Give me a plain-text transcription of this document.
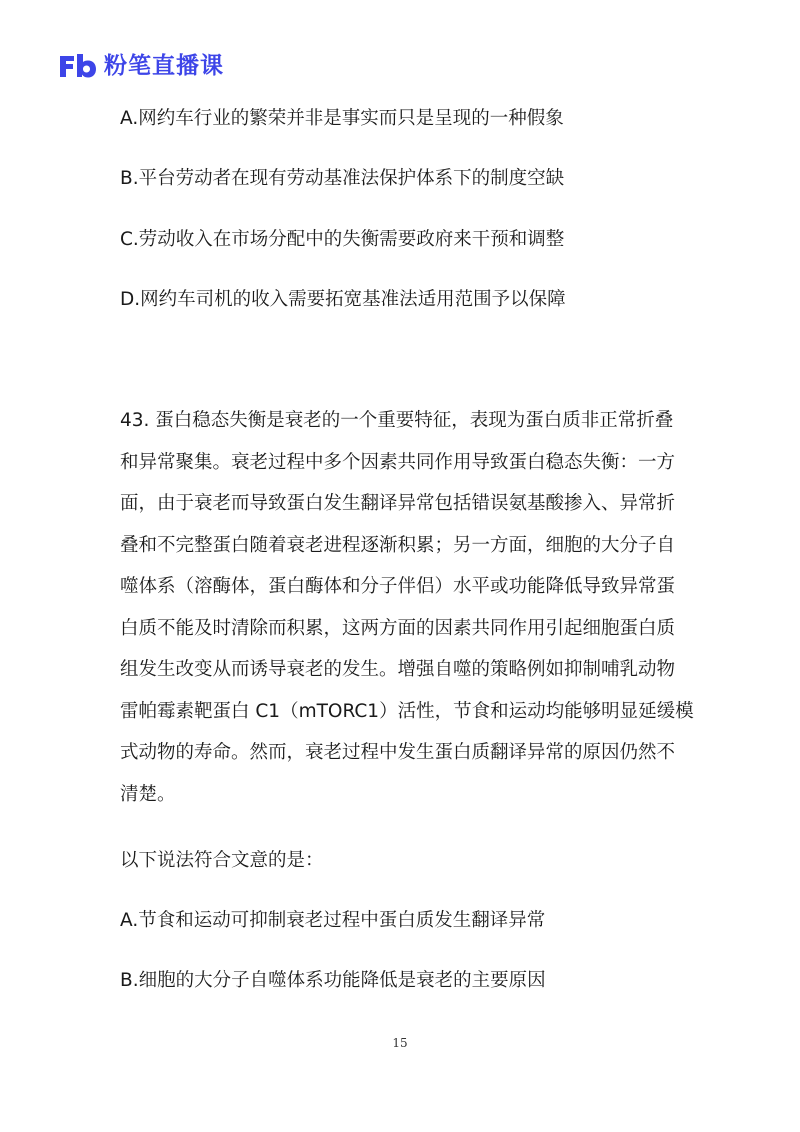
粉笔直播课

A.网约车行业的繁荣并非是事实而只是呈现的一种假象

B.平台劳动者在现有劳动基准法保护体系下的制度空缺

C.劳动收入在市场分配中的失衡需要政府来干预和调整

D.网约车司机的收入需要拓宽基准法适用范围予以保障

43. 蛋白稳态失衡是衰老的一个重要特征，表现为蛋白质非正常折叠
和异常聚集。衰老过程中多个因素共同作用导致蛋白稳态失衡：一方
面，由于衰老而导致蛋白发生翻译异常包括错误氨基酸掺入、异常折
叠和不完整蛋白随着衰老进程逐渐积累；另一方面，细胞的大分子自
噬体系（溶酶体，蛋白酶体和分子伴侣）水平或功能降低导致异常蛋
白质不能及时清除而积累，这两方面的因素共同作用引起细胞蛋白质
组发生改变从而诱导衰老的发生。增强自噬的策略例如抑制哺乳动物
雷帕霉素靶蛋白 C1（mTORC1）活性，节食和运动均能够明显延缓模
式动物的寿命。然而，衰老过程中发生蛋白质翻译异常的原因仍然不
清楚。

以下说法符合文意的是：

A.节食和运动可抑制衰老过程中蛋白质发生翻译异常

B.细胞的大分子自噬体系功能降低是衰老的主要原因

15
